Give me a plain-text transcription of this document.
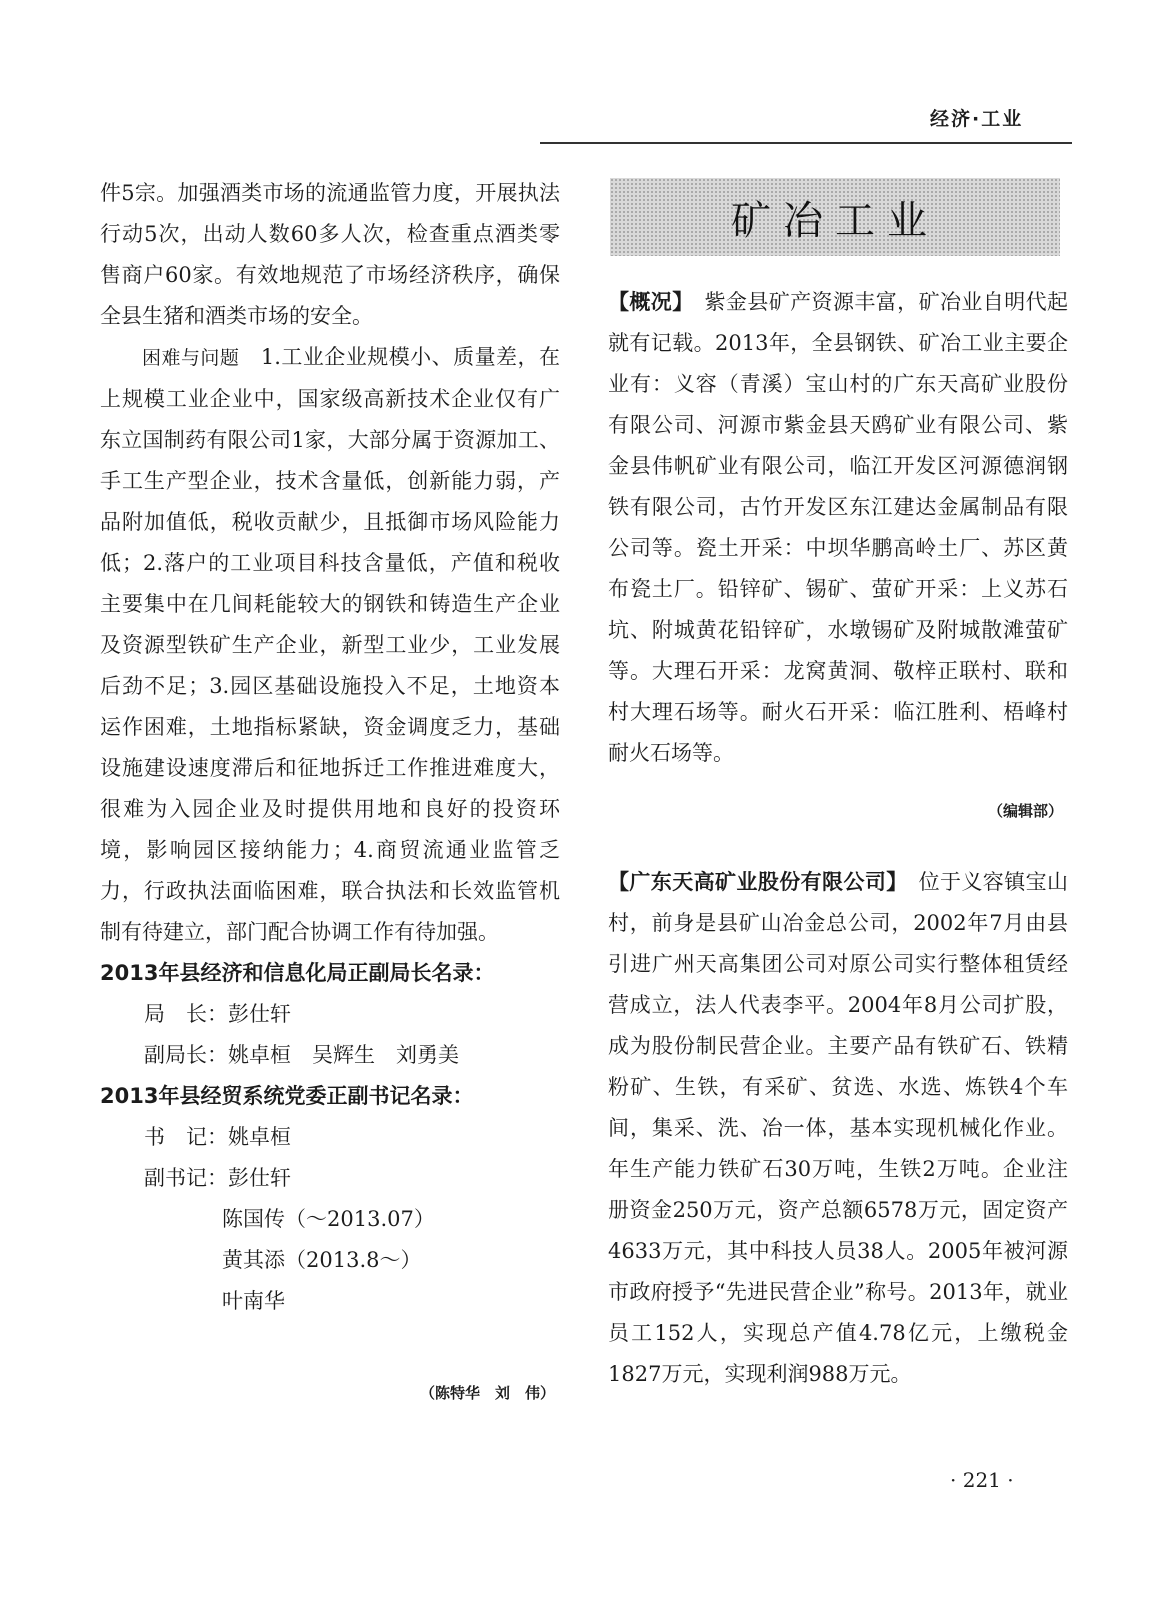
经济·工业

件5宗。加强酒类市场的流通监管力度，开展执法行动5次，出动人数60多人次，检查重点酒类零售商户60家。有效地规范了市场经济秩序，确保全县生猪和酒类市场的安全。

困难与问题　 1.工业企业规模小、质量差，在上规模工业企业中，国家级高新技术企业仅有广东立国制药有限公司1家，大部分属于资源加工、手工生产型企业，技术含量低，创新能力弱，产品附加值低，税收贡献少，且抵御市场风险能力低；2.落户的工业项目科技含量低，产值和税收主要集中在几间耗能较大的钢铁和铸造生产企业及资源型铁矿生产企业，新型工业少，工业发展后劲不足；3.园区基础设施投入不足，土地资本运作困难，土地指标紧缺，资金调度乏力，基础设施建设速度滞后和征地拆迁工作推进难度大，很难为入园企业及时提供用地和良好的投资环境，影响园区接纳能力；4.商贸流通业监管乏力，行政执法面临困难，联合执法和长效监管机制有待建立，部门配合协调工作有待加强。

2013年县经济和信息化局正副局长名录：

局　长：彭仕轩

副局长：姚卓桓　吴辉生　刘勇美

2013年县经贸系统党委正副书记名录：

书　记：姚卓桓

副书记：彭仕轩

陈国传（～2013.07）

黄其添（2013.8～）

叶南华

（陈特华　刘　伟）

矿冶工业

【概况】　 紫金县矿产资源丰富，矿冶业自明代起就有记载。2013年，全县钢铁、矿冶工业主要企业有：义容（青溪）宝山村的广东天高矿业股份有限公司、河源市紫金县天鸥矿业有限公司、紫金县伟帆矿业有限公司，临江开发区河源德润钢铁有限公司，古竹开发区东江建达金属制品有限公司等。瓷土开采：中坝华鹏高岭土厂、苏区黄布瓷土厂。铅锌矿、锡矿、萤矿开采：上义苏石坑、附城黄花铅锌矿，水墩锡矿及附城散滩萤矿等。大理石开采：龙窝黄洞、敬梓正联村、联和村大理石场等。耐火石开采：临江胜利、梧峰村耐火石场等。

（编辑部）

【广东天高矿业股份有限公司】　 位于义容镇宝山村，前身是县矿山冶金总公司，2002年7月由县引进广州天高集团公司对原公司实行整体租赁经营成立，法人代表李平。2004年8月公司扩股，成为股份制民营企业。主要产品有铁矿石、铁精粉矿、生铁，有采矿、贫选、水选、炼铁4个车间，集采、洗、冶一体，基本实现机械化作业。年生产能力铁矿石30万吨，生铁2万吨。企业注册资金250万元，资产总额6578万元，固定资产4633万元，其中科技人员38人。2005年被河源市政府授予“先进民营企业”称号。2013年，就业员工152人，实现总产值4.78亿元，上缴税金1827万元，实现利润988万元。

· 221 ·
